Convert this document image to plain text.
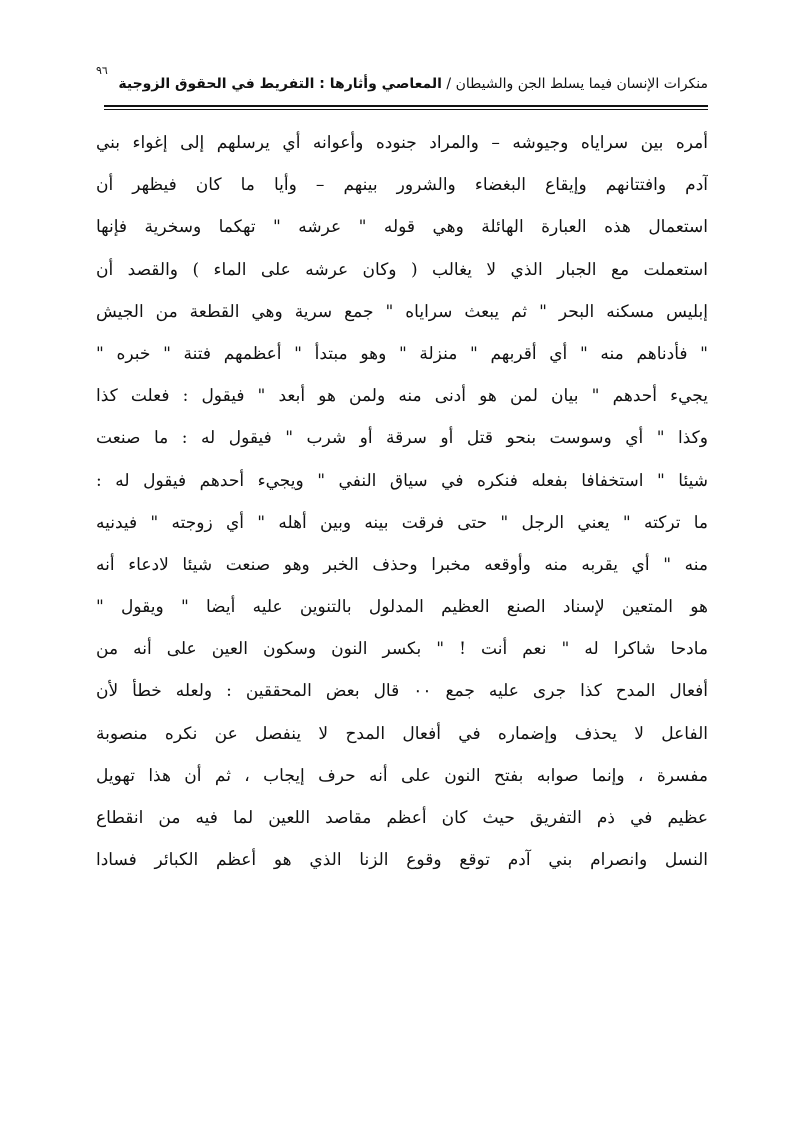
٩٦
منكرات الإنسان فيما يسلط الجن والشيطان / المعاصي وأثارها : التفريط في الحقوق الزوجية
أمره بين سراياه وجيوشه – والمراد جنوده وأعوانه أي يرسلهم إلى إغواء بني
آدم وافتتانهم وإيقاع البغضاء والشرور بينهم – وأيا ما كان فيظهر أن
استعمال هذه العبارة الهائلة وهي قوله " عرشه " تهكما وسخرية فإنها
استعملت مع الجبار الذي لا يغالب ( وكان عرشه على الماء ) والقصد أن
إبليس مسكنه البحر " ثم يبعث سراياه " جمع سرية وهي القطعة من الجيش
" فأدناهم منه " أي أقربهم " منزلة " وهو مبتدأ " أعظمهم فتنة " خبره "
يجيء أحدهم " بيان لمن هو أدنى منه ولمن هو أبعد " فيقول : فعلت كذا
وكذا " أي وسوست بنحو قتل أو سرقة أو شرب " فيقول له : ما صنعت
شيئا " استخفافا بفعله فنكره في سياق النفي " ويجيء أحدهم فيقول له :
ما تركته " يعني الرجل " حتى فرقت بينه وبين أهله " أي زوجته " فيدنيه
منه " أي يقربه منه وأوقعه مخبرا وحذف الخبر وهو صنعت شيئا لادعاء أنه
هو المتعين لإسناد الصنع العظيم المدلول بالتنوين عليه أيضا " ويقول "
مادحا شاكرا له " نعم أنت ! " بكسر النون وسكون العين على أنه من
أفعال المدح كذا جرى عليه جمع ٠٠ قال بعض المحققين : ولعله خطأ لأن
الفاعل لا يحذف وإضماره في أفعال المدح لا ينفصل عن نكره منصوبة
مفسرة ، وإنما صوابه بفتح النون على أنه حرف إيجاب ، ثم أن هذا تهويل
عظيم في ذم التفريق حيث كان أعظم مقاصد اللعين لما فيه من انقطاع
النسل وانصرام بني آدم توقع وقوع الزنا الذي هو أعظم الكبائر فسادا
